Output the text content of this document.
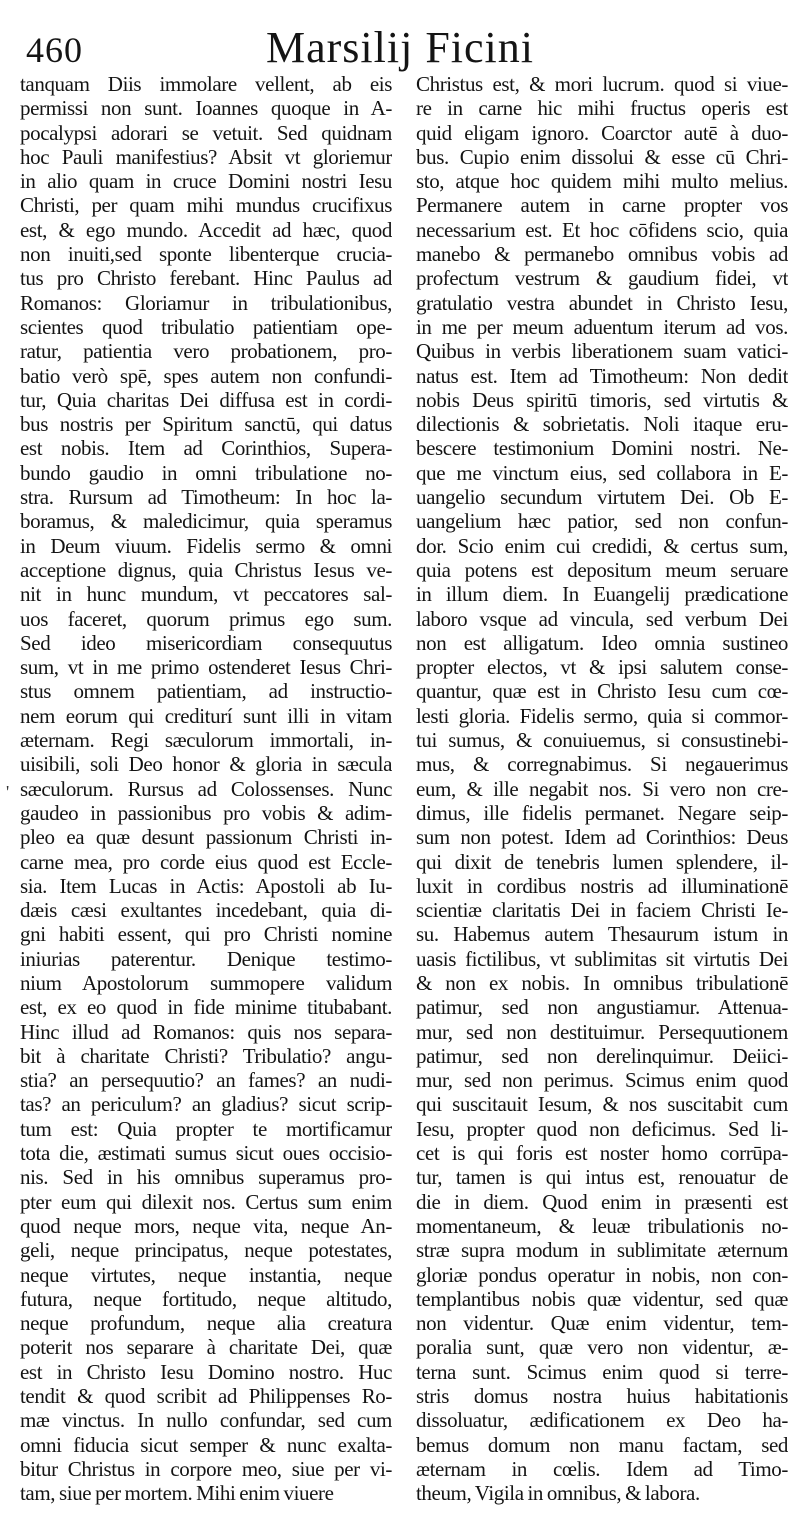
460	Marsilij Ficini
'
tanquam Diis immolare vellent, ab eis
permissi non sunt. Ioannes quoque in A-
pocalypsi adorari se vetuit. Sed quidnam
hoc Pauli manifestius? Absit vt gloriemur
in alio quam in cruce Domini nostri Iesu
Christi, per quam mihi mundus crucifixus
est, & ego mundo. Accedit ad hæc, quod
non inuiti,sed sponte libenterque crucia-
tus pro Christo ferebant. Hinc Paulus ad
Romanos: Gloriamur in tribulationibus,
scientes quod tribulatio patientiam ope-
ratur, patientia vero probationem, pro-
batio verò spē, spes autem non confundi-
tur, Quia charitas Dei diffusa est in cordi-
bus nostris per Spiritum sanctū, qui datus
est nobis. Item ad Corinthios, Supera-
bundo gaudio in omni tribulatione no-
stra. Rursum ad Timotheum: In hoc la-
boramus, & maledicimur, quia speramus
in Deum viuum. Fidelis sermo & omni
acceptione dignus, quia Christus Iesus ve-
nit in hunc mundum, vt peccatores sal-
uos faceret, quorum primus ego sum.
Sed ideo misericordiam consequutus
sum, vt in me primo ostenderet Iesus Chri-
stus omnem patientiam, ad instructio-
nem eorum qui crediturí sunt illi in vitam
æternam. Regi sæculorum immortali, in-
uisibili, soli Deo honor & gloria in sæcula
sæculorum. Rursus ad Colossenses. Nunc
gaudeo in passionibus pro vobis & adim-
pleo ea quæ desunt passionum Christi in-
carne mea, pro corde eius quod est Eccle-
sia. Item Lucas in Actis: Apostoli ab Iu-
dæis cæsi exultantes incedebant, quia di-
gni habiti essent, qui pro Christi nomine
iniurias paterentur. Denique testimo-
nium Apostolorum summopere validum
est, ex eo quod in fide minime titubabant.
Hinc illud ad Romanos: quis nos separa-
bit à charitate Christi? Tribulatio? angu-
stia? an persequutio? an fames? an nudi-
tas? an periculum? an gladius? sicut scrip-
tum est: Quia propter te mortificamur
tota die, æstimati sumus sicut oues occisio-
nis. Sed in his omnibus superamus pro-
pter eum qui dilexit nos. Certus sum enim
quod neque mors, neque vita, neque An-
geli, neque principatus, neque potestates,
neque virtutes, neque instantia, neque
futura, neque fortitudo, neque altitudo,
neque profundum, neque alia creatura
poterit nos separare à charitate Dei, quæ
est in Christo Iesu Domino nostro. Huc
tendit & quod scribit ad Philippenses Ro-
mæ vinctus. In nullo confundar, sed cum
omni fiducia sicut semper & nunc exalta-
bitur Christus in corpore meo, siue per vi-
tam, siue per mortem. Mihi enim viuere
Christus est, & mori lucrum. quod si viue-
re in carne hic mihi fructus operis est
quid eligam ignoro. Coarctor autē à duo-
bus. Cupio enim dissolui & esse cū Chri-
sto, atque hoc quidem mihi multo melius.
Permanere autem in carne propter vos
necessarium est. Et hoc cōfidens scio, quia
manebo & permanebo omnibus vobis ad
profectum vestrum & gaudium fidei, vt
gratulatio vestra abundet in Christo Iesu,
in me per meum aduentum iterum ad vos.
Quibus in verbis liberationem suam vatici-
natus est. Item ad Timotheum: Non dedit
nobis Deus spiritū timoris, sed virtutis &
dilectionis & sobrietatis. Noli itaque eru-
bescere testimonium Domini nostri. Ne-
que me vinctum eius, sed collabora in E-
uangelio secundum virtutem Dei. Ob E-
uangelium hæc patior, sed non confun-
dor. Scio enim cui credidi, & certus sum,
quia potens est depositum meum seruare
in illum diem. In Euangelij prædicatione
laboro vsque ad vincula, sed verbum Dei
non est alligatum. Ideo omnia sustineo
propter electos, vt & ipsi salutem conse-
quantur, quæ est in Christo Iesu cum cœ-
lesti gloria. Fidelis sermo, quia si commor-
tui sumus, & conuiuemus, si consustinebi-
mus, & corregnabimus. Si negauerimus
eum, & ille negabit nos. Si vero non cre-
dimus, ille fidelis permanet. Negare seip-
sum non potest. Idem ad Corinthios: Deus
qui dixit de tenebris lumen splendere, il-
luxit in cordibus nostris ad illuminationē
scientiæ claritatis Dei in faciem Christi Ie-
su. Habemus autem Thesaurum istum in
uasis fictilibus, vt sublimitas sit virtutis Dei
& non ex nobis. In omnibus tribulationē
patimur, sed non angustiamur. Attenua-
mur, sed non destituimur. Persequutionem
patimur, sed non derelinquimur. Deiici-
mur, sed non perimus. Scimus enim quod
qui suscitauit Iesum, & nos suscitabit cum
Iesu, propter quod non deficimus. Sed li-
cet is qui foris est noster homo corrūpa-
tur, tamen is qui intus est, renouatur de
die in diem. Quod enim in præsenti est
momentaneum, & leuæ tribulationis no-
stræ supra modum in sublimitate æternum
gloriæ pondus operatur in nobis, non con-
templantibus nobis quæ videntur, sed quæ
non videntur. Quæ enim videntur, tem-
poralia sunt, quæ vero non videntur, æ-
terna sunt. Scimus enim quod si terre-
stris domus nostra huius habitationis
dissoluatur, ædificationem ex Deo ha-
bemus domum non manu factam, sed
æternam in cœlis. Idem ad Timo-
theum, Vigila in omnibus, & labora.
